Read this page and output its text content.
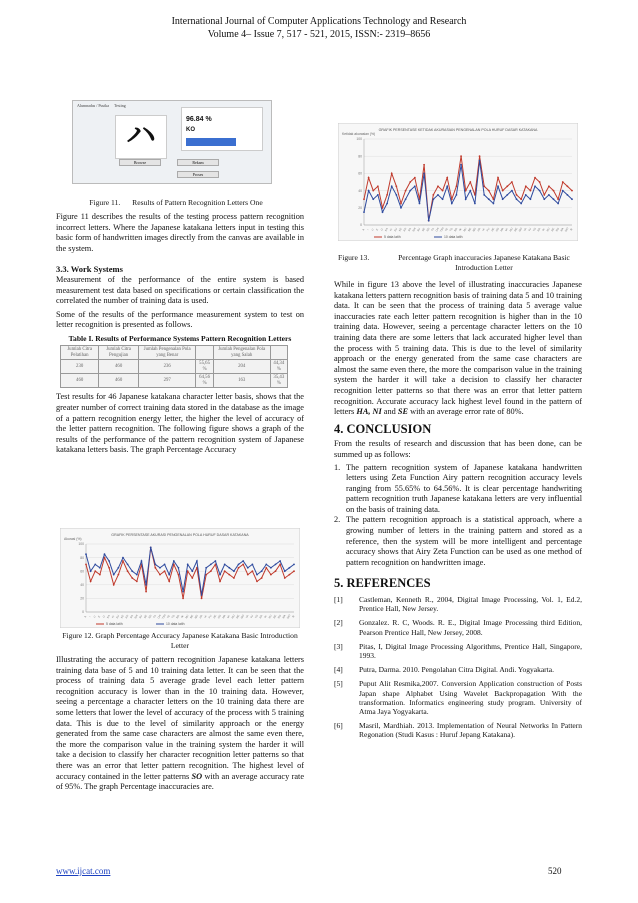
International Journal of Computer Applications Technology and Research
Volume 4– Issue 7, 517 - 521, 2015, ISSN:- 2319–8656
Alumnadas / Pustka Testing
ハ
Browse	Rekam
Proses
96.84 %
KO
Figure 11. Results of Pattern Recognition Letters One

Figure 11 describes the results of the testing process pattern recognition incorrect letters. Where the Japanese katakana letters input in testing this basic form of handwritten images directly from the canvas are available in the system.

3.3. Work Systems

Measurement of the performance of the entire system is based measurement test data based on specifications or certain classification the correlated the number of training data is used.

Some of the results of the performance measurement system to test on letter recognition is presented as follows.

Table I. Results of Performance Systems Pattern Recognition Letters

Jumlah Citra Pelatihan	Jumlah Citra Pengujian	Jumlah Pengenalan Pola yang Benar		Jumlah Pengenalan Pola yang Salah	
230	460	236	55,65 %	204	44,34 %
460	460	297	64,56 %	163	35,43 %

Test results for 46 Japanese katakana character letter basis, shows that the greater number of correct training data stored in the database as the image of a pattern recognition energy letter, the higher the level of accuracy of the letter pattern recognition. The following figure shows a graph of the results of the performance of the pattern recognition system of Japanese katakana letters basis. The graph Percentage Accuracy

GRAFIK PERSENTASE AKURASI PENGENALAN POLA HURUF DASAR KATAKANA
Akurasi (%)
0
20
40
60
80
100
A I U E O KA KI KU KE KO SA SHI SU SE SO TA CHI TSU TE TO NA NI NU NE NO HA HI FU HE HO MA MI MU ME MO YA YU YO RA RI RU RE RO WA WO N
5 data latih	10 data latih
Figure 12. Graph Percentage Accuracy Japanese Katakana Basic Introduction Letter

Illustrating the accuracy of pattern recognition Japanese katakana letters training data base of 5 and 10 training data letter. It can be seen that the process of training data 5 average grade level each letter pattern recognition accuracy is lower than in the 10 training data. However, seeing a percentage a character letters on the 10 training data there are some letters that lower the level of accuracy of the process with 5 training data. This is due to the level of similarity approach or the energy generated from the same case characters are almost the same even there, the more the comparison value in the training system the harder it will take a decision to classify her character recognition letter patterns so that there was an error that letter pattern recognition. The highest level of accuracy contained in the letter patterns SO with an average accuracy rate of 95%. The graph Percentage inaccuracies are.

GRAFIK PERSENTASE KETIDAK AKURASIAN PENGENALAN POLA HURUF DASAR KATAKANA
Ketidak akurasian (%)
0
20
40
60
80
100
A I U E O KA KI KU KE KO SA SHI SU SE SO TA CHI TSU TE TO NA NI NU NE NO HA HI FU HE HO MA MI MU ME MO YA YU YO RA RI RU RE RO WA WO N
5 data latih	10 data latih
Figure 13.	Percentage Graph inaccuracies Japanese Katakana Basic Introduction Letter

While in figure 13 above the level of illustrating inaccuracies Japanese katakana letters pattern recognition basis of training data 5 and 10 training data. It can be seen that the process of training data 5 average value inaccuracies rate each letter pattern recognition is higher than in the 10 training data. However, seeing a percentage character letters on the 10 training data there are some letters that lack accurated higher level than the process with 5 training data. This is due to the level of similarity approach or the energy generated from the same case characters are almost the same even there, the more the comparison value in the training system the harder it will take a decision to classify her character recognition letter patterns so that there was an error that letter pattern recognition. Accurate accuracy lack highest level found in the pattern of letters HA, NI and SE with an average error rate of 80%.

4. CONCLUSION

From the results of research and discussion that has been done, can be summed up as follows:

1. The pattern recognition system of Japanese katakana handwritten letters using Zeta Function Airy pattern recognition accuracy levels ranging from 55.65% to 64.56%. It is clear percentage handwriting pattern recognition truth Japanese katakana letters are very influential on the basis of training data.
2. The pattern recognition approach is a statistical approach, where a growing number of letters in the training pattern and stored as a reference, then the system will be more intelligent and percentage accuracy shows that Airy Zeta Function can be used as one method of pattern recognition on handwritten image.

5. REFERENCES

[1]	Castleman, Kenneth R., 2004, Digital Image Processing, Vol. 1, Ed.2, Prentice Hall, New Jersey.
[2]	Gonzalez. R. C, Woods. R. E., Digital Image Processing third Edition, Pearson Prentice Hall, New Jersey, 2008.
[3]	Pitas, I, Digital Image Processing Algorithms, Prentice Hall, Singapore, 1993.
[4]	Putra, Darma. 2010. Pengolahan Citra Digital. Andi. Yogyakarta.
[5]	Puput Alit Resmika,2007. Conversion Application construction of Posts Japan shape Alphabet Using Wavelet Backpropagation With the transformation. Informatics engineering study program. University of Atma Jaya Yogyakarta.
[6]	Masril, Mardhiah. 2013. Implementation of Neural Networks In Pattern Regonation (Studi Kasus : Huruf Jepang Katakana).
www.ijcat.com	520
